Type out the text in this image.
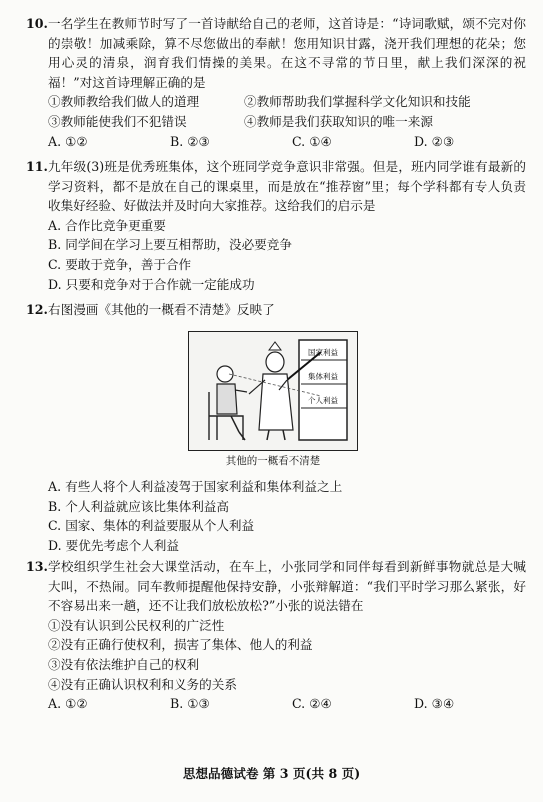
10. 一名学生在教师节时写了一首诗献给自己的老师，这首诗是：“诗词歌赋，颂不完对你的崇敬！加减乘除，算不尽您做出的奉献！您用知识甘露，浇开我们理想的花朵；您用心灵的清泉，润育我们情操的美果。在这不寻常的节日里，献上我们深深的祝福！”对这首诗理解正确的是
①教师教给我们做人的道理	②教师帮助我们掌握科学文化知识和技能
③教师能使我们不犯错误	④教师是我们获取知识的唯一来源
A. ①②	B. ②③	C. ①④	D. ②③
11. 九年级(3)班是优秀班集体，这个班同学竞争意识非常强。但是，班内同学谁有最新的学习资料，都不是放在自己的课桌里，而是放在“推荐窗”里；每个学科都有专人负责收集好经验、好做法并及时向大家推荐。这给我们的启示是
A. 合作比竞争更重要
B. 同学间在学习上要互相帮助，没必要竞争
C. 要敢于竞争，善于合作
D. 只要和竞争对于合作就一定能成功
12. 右图漫画《其他的一概看不清楚》反映了
国家利益
集体利益
个人利益
其他的一概看不清楚
A. 有些人将个人利益凌驾于国家利益和集体利益之上
B. 个人利益就应该比集体利益高
C. 国家、集体的利益要服从个人利益
D. 要优先考虑个人利益
13. 学校组织学生社会大课堂活动，在车上，小张同学和同伴每看到新鲜事物就总是大喊大叫，不热闹。同车教师提醒他保持安静，小张辩解道：“我们平时学习那么紧张，好不容易出来一趟，还不让我们放松放松?”小张的说法错在
①没有认识到公民权利的广泛性
②没有正确行使权利，损害了集体、他人的利益
③没有依法维护自己的权利
④没有正确认识权利和义务的关系
A. ①②	B. ①③	C. ②④	D. ③④
思想品德试卷 第 3 页(共 8 页)
